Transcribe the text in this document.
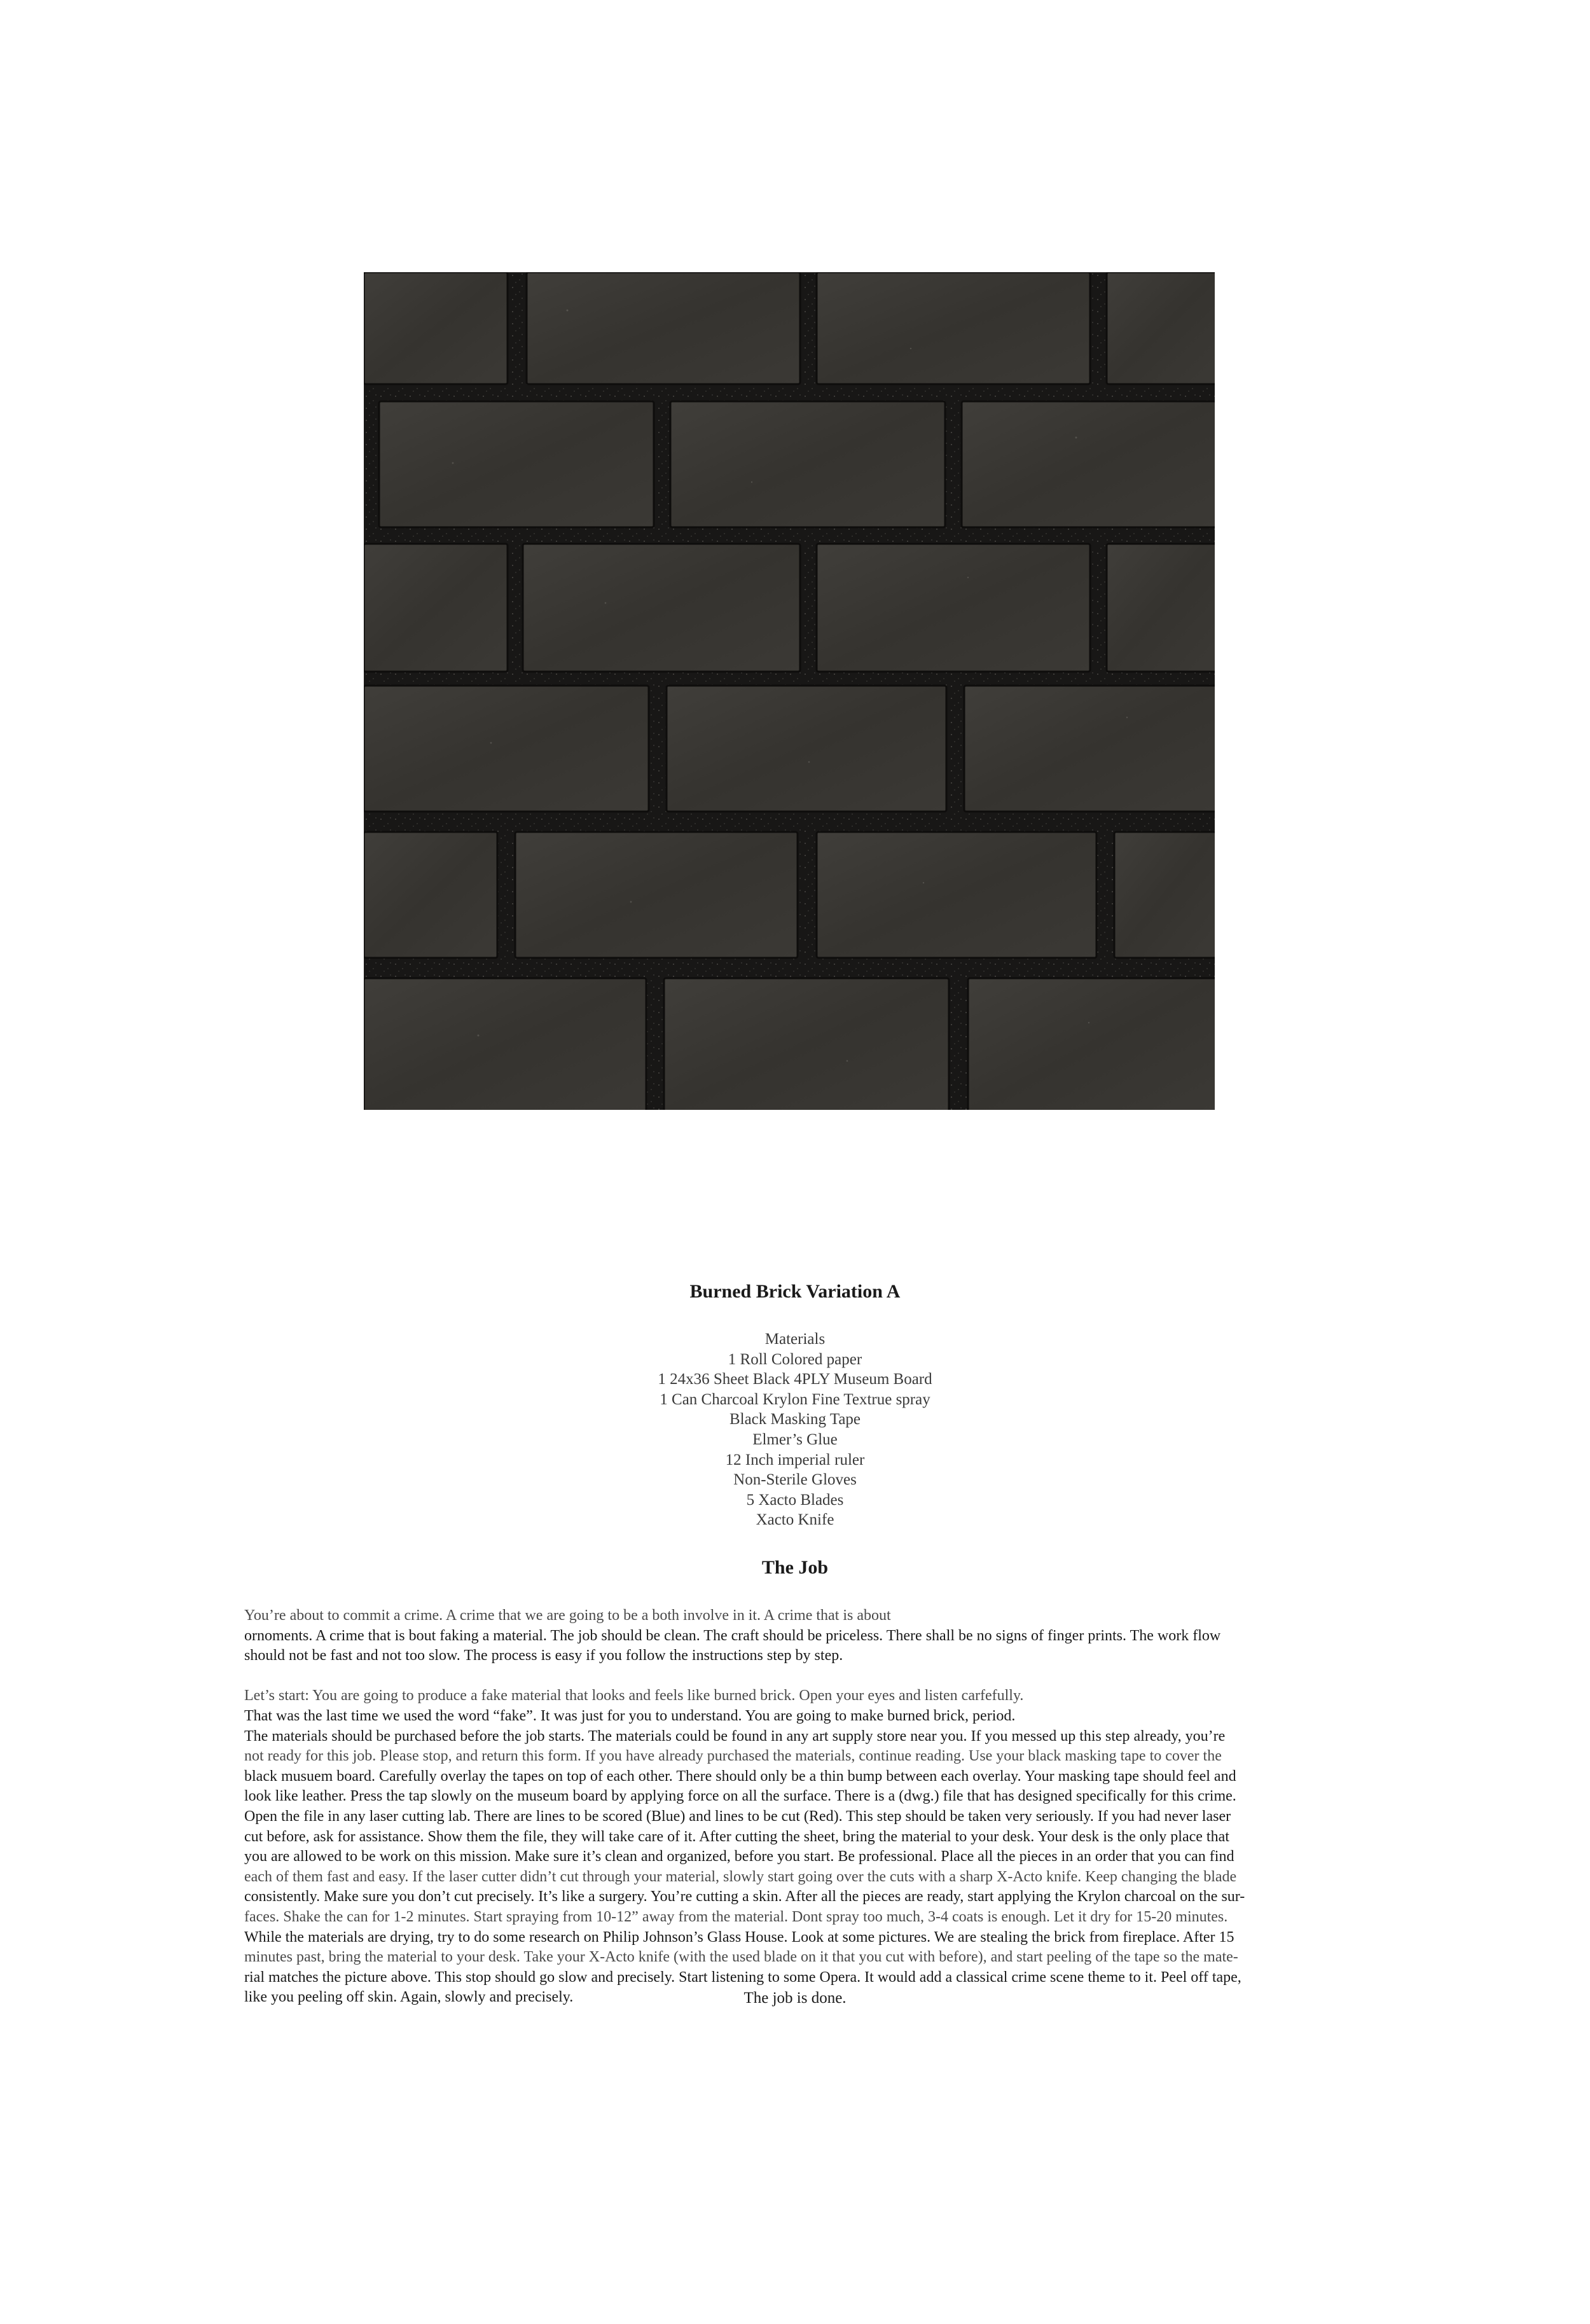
Burned Brick Variation A
Materials
1 Roll Colored paper
1 24x36 Sheet Black 4PLY Museum Board
1 Can Charcoal Krylon Fine Textrue spray
Black Masking Tape
Elmer’s Glue
12 Inch imperial ruler
Non-Sterile Gloves
5 Xacto Blades
Xacto Knife
The Job
You’re about to commit a crime. A crime that we are going to be a both involve in it. A crime that is about
ornoments. A crime that is bout faking a material. The job should be clean. The craft should be priceless. There shall be no signs of finger prints. The work flow
should not be fast and not too slow. The process is easy if you follow the instructions step by step.
Let’s start: You are going to produce a fake material that looks and feels like burned brick. Open your eyes and listen carfefully.
That was the last time we used the word “fake”. It was just for you to understand. You are going to make burned brick, period.
The materials should be purchased before the job starts. The materials could be found in any art supply store near you. If you messed up this step already, you’re
not ready for this job. Please stop, and return this form. If you have already purchased the materials, continue reading. Use your black masking tape to cover the
black musuem board. Carefully overlay the tapes on top of each other. There should only be a thin bump between each overlay. Your masking tape should feel and
look like leather. Press the tap slowly on the museum board by applying force on all the surface. There is a (dwg.) file that has designed specifically for this crime.
Open the file in any laser cutting lab. There are lines to be scored (Blue) and lines to be cut (Red). This step should be taken very seriously. If you had never laser
cut before, ask for assistance. Show them the file, they will take care of it. After cutting the sheet, bring the material to your desk. Your desk is the only place that
you are allowed to be work on this mission. Make sure it’s clean and organized, before you start. Be professional. Place all the pieces in an order that you can find
each of them fast and easy. If the laser cutter didn’t cut through your material, slowly start going over the cuts with a sharp X-Acto knife. Keep changing the blade
consistently. Make sure you don’t cut precisely. It’s like a surgery. You’re cutting a skin. After all the pieces are ready, start applying the Krylon charcoal on the sur-
faces. Shake the can for 1-2 minutes. Start spraying from 10-12” away from the material. Dont spray too much, 3-4 coats is enough. Let it dry for 15-20 minutes.
While the materials are drying, try to do some research on Philip Johnson’s Glass House. Look at some pictures. We are stealing the brick from fireplace. After 15
minutes past, bring the material to your desk. Take your X-Acto knife (with the used blade on it that you cut with before), and start peeling of the tape so the mate-
rial matches the picture above. This stop should go slow and precisely. Start listening to some Opera. It would add a classical crime scene theme to it. Peel off tape,
like you peeling off skin. Again, slowly and precisely.	The job is done.
